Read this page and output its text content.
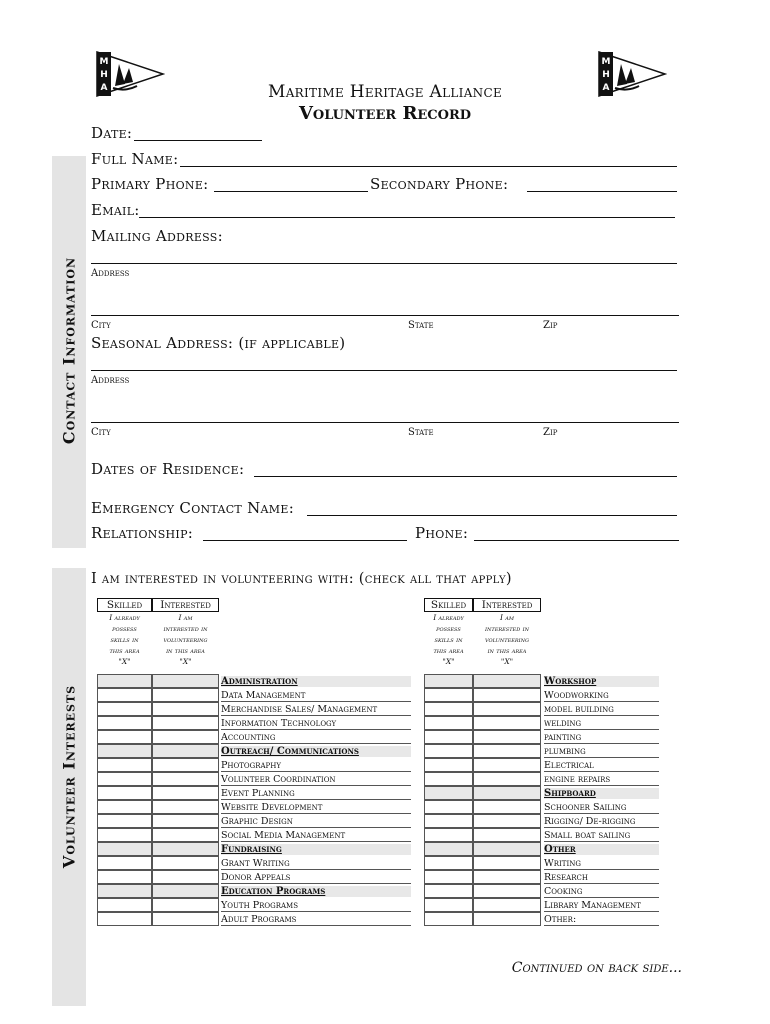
M
H
A
M
H
A
Maritime Heritage Alliance
Volunteer Record
Contact Information
Date:
Full Name:
Primary Phone:	Secondary Phone:
Email:
Mailing Address:
Address
City	State	Zip
Seasonal Address: (if applicable)
Address
City	State	Zip
Dates of Residence:
Emergency Contact Name:
Relationship:	Phone:
Volunteer Interests
I am interested in volunteering with: (check all that apply)
Skilled	Interested
I already
possess
skills in
this area
"X"
I am
interested in
volunteering
in this area
"X"
Skilled	Interested
I already
possess
skills in
this area
"X"
I am
interested in
volunteering
in this area
"X"
Continued on back side...
Administration
Data Management
Merchandise Sales/ Management
Information Technology
Accounting
Outreach/ Communications
Photography
Volunteer Coordination
Event Planning
Website Development
Graphic Design
Social Media Management
Fundraising
Grant Writing
Donor Appeals
Education Programs
Youth Programs
Adult Programs
Workshop
Woodworking
model building
welding
painting
plumbing
Electrical
engine repairs
Shipboard
Schooner Sailing
Rigging/ De-rigging
Small boat sailing
Other
Writing
Research
Cooking
Library Management
Other:
